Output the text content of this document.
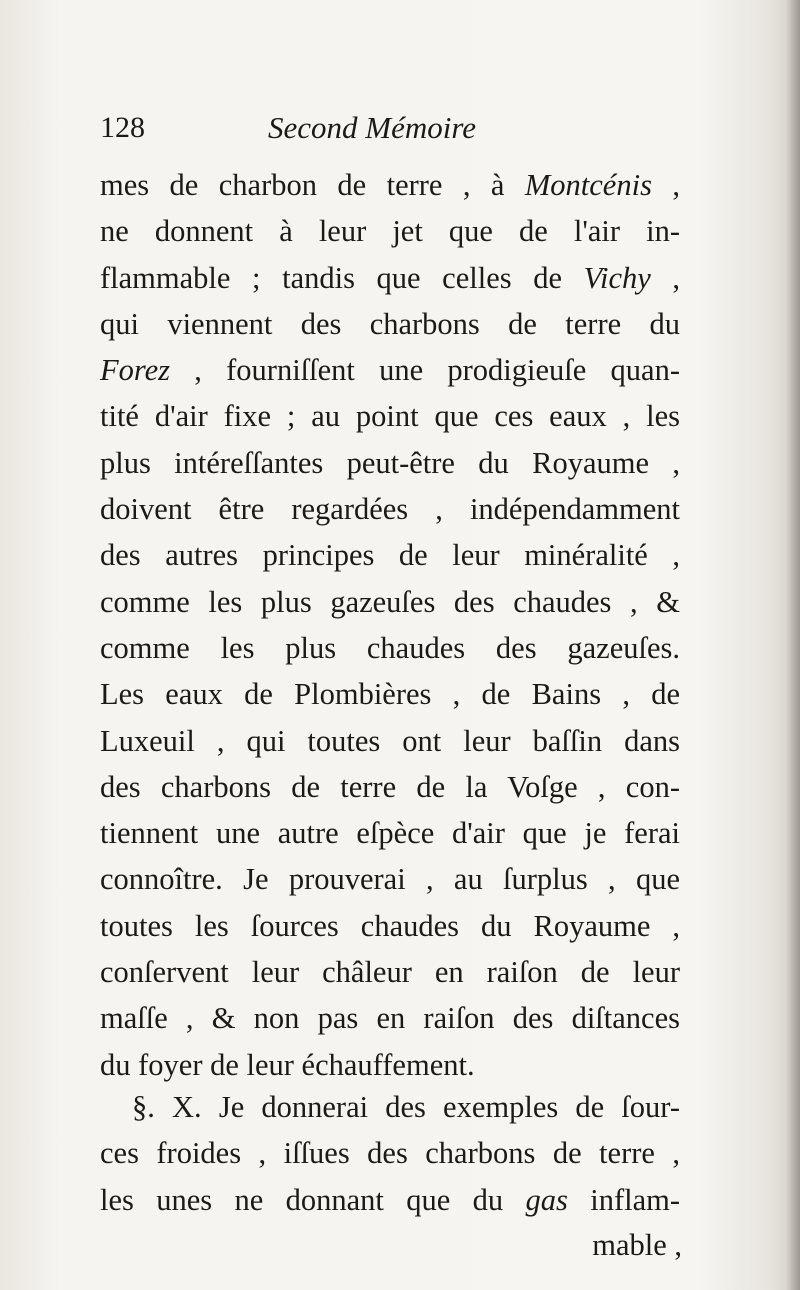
128	Second Mémoire
mes de charbon de terre , à Montcénis ,
ne donnent à leur jet que de l'air in-
flammable ; tandis que celles de Vichy ,
qui viennent des charbons de terre du
Forez , fourniſſent une prodigieuſe quan-
tité d'air fixe ; au point que ces eaux , les
plus intéreſſantes peut-être du Royaume ,
doivent être regardées , indépendamment
des autres principes de leur minéralité ,
comme les plus gazeuſes des chaudes , &
comme les plus chaudes des gazeuſes.
Les eaux de Plombières , de Bains , de
Luxeuil , qui toutes ont leur baſſin dans
des charbons de terre de la Voſge , con-
tiennent une autre eſpèce d'air que je ferai
connoître. Je prouverai , au ſurplus , que
toutes les ſources chaudes du Royaume ,
conſervent leur châleur en raiſon de leur
maſſe , & non pas en raiſon des diſtances
du foyer de leur échauffement.
§. X. Je donnerai des exemples de ſour-
ces froides , iſſues des charbons de terre ,
les unes ne donnant que du gas inflam-
mable ,
